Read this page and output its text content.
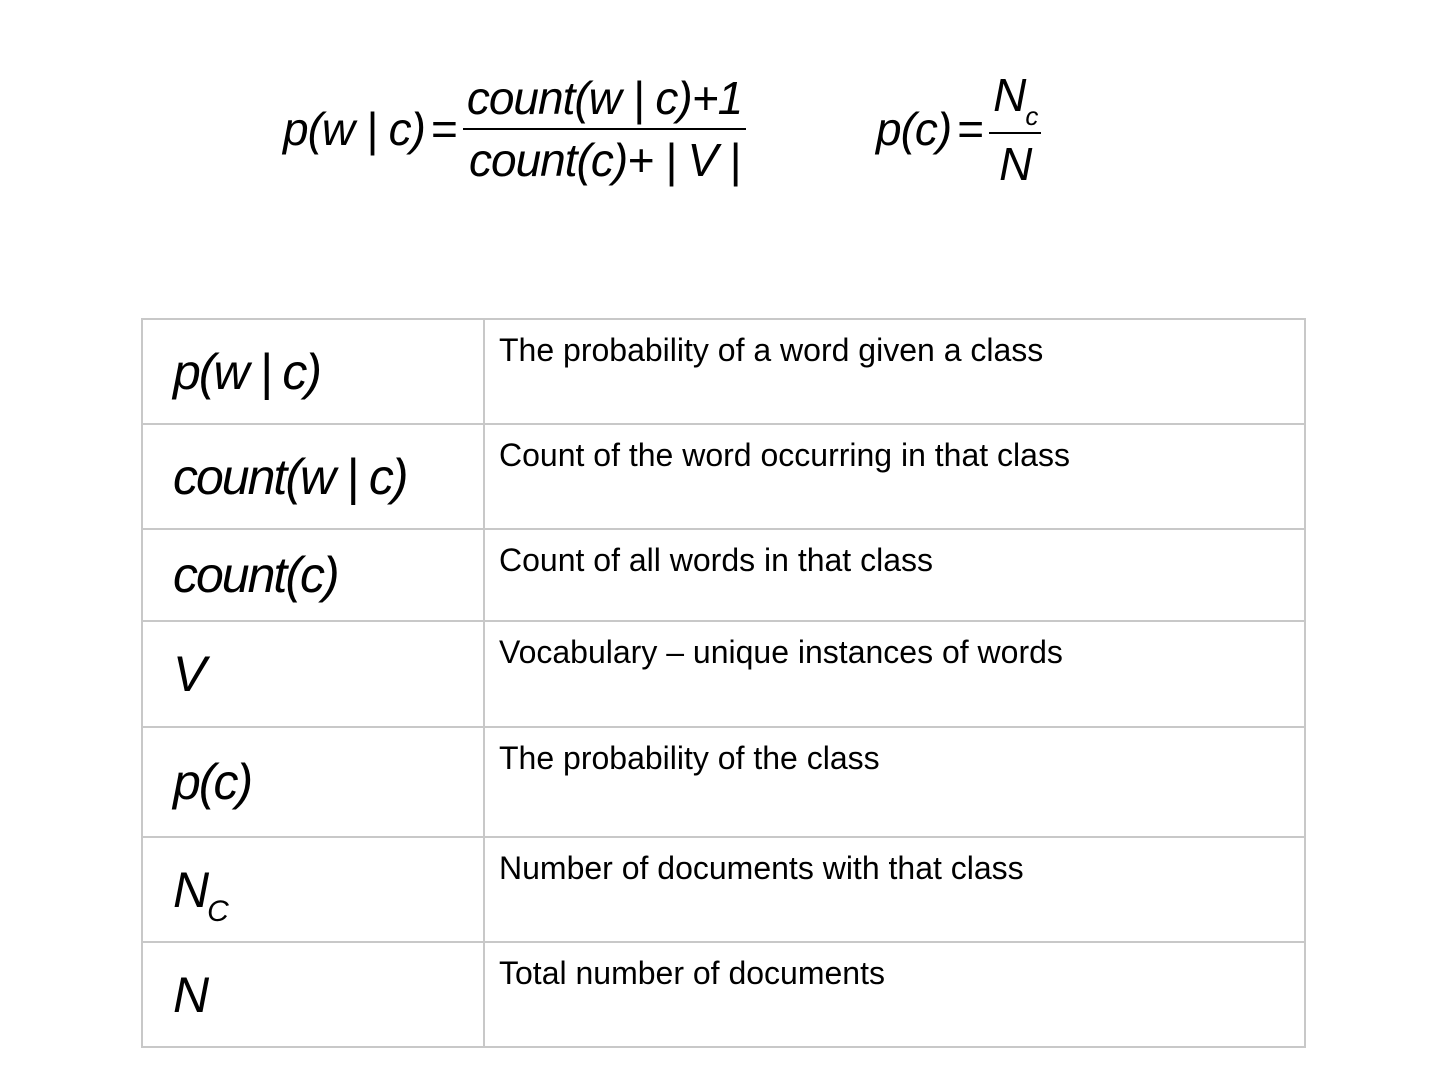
p(w | $c) = \frac{\text{count(w | c)+1}}{\text{count(c)+ | V |}}$	$p(c) = \frac{N_c}{N}$
p(w | c)	The probability of a word given a class
count(w | c)	Count of the word occurring in that class
count(c)	Count of all words in that class
V	Vocabulary – unique instances of words
p(c)	The probability of the class
$N_C$	Number of documents with that class
N	Total number of documents
